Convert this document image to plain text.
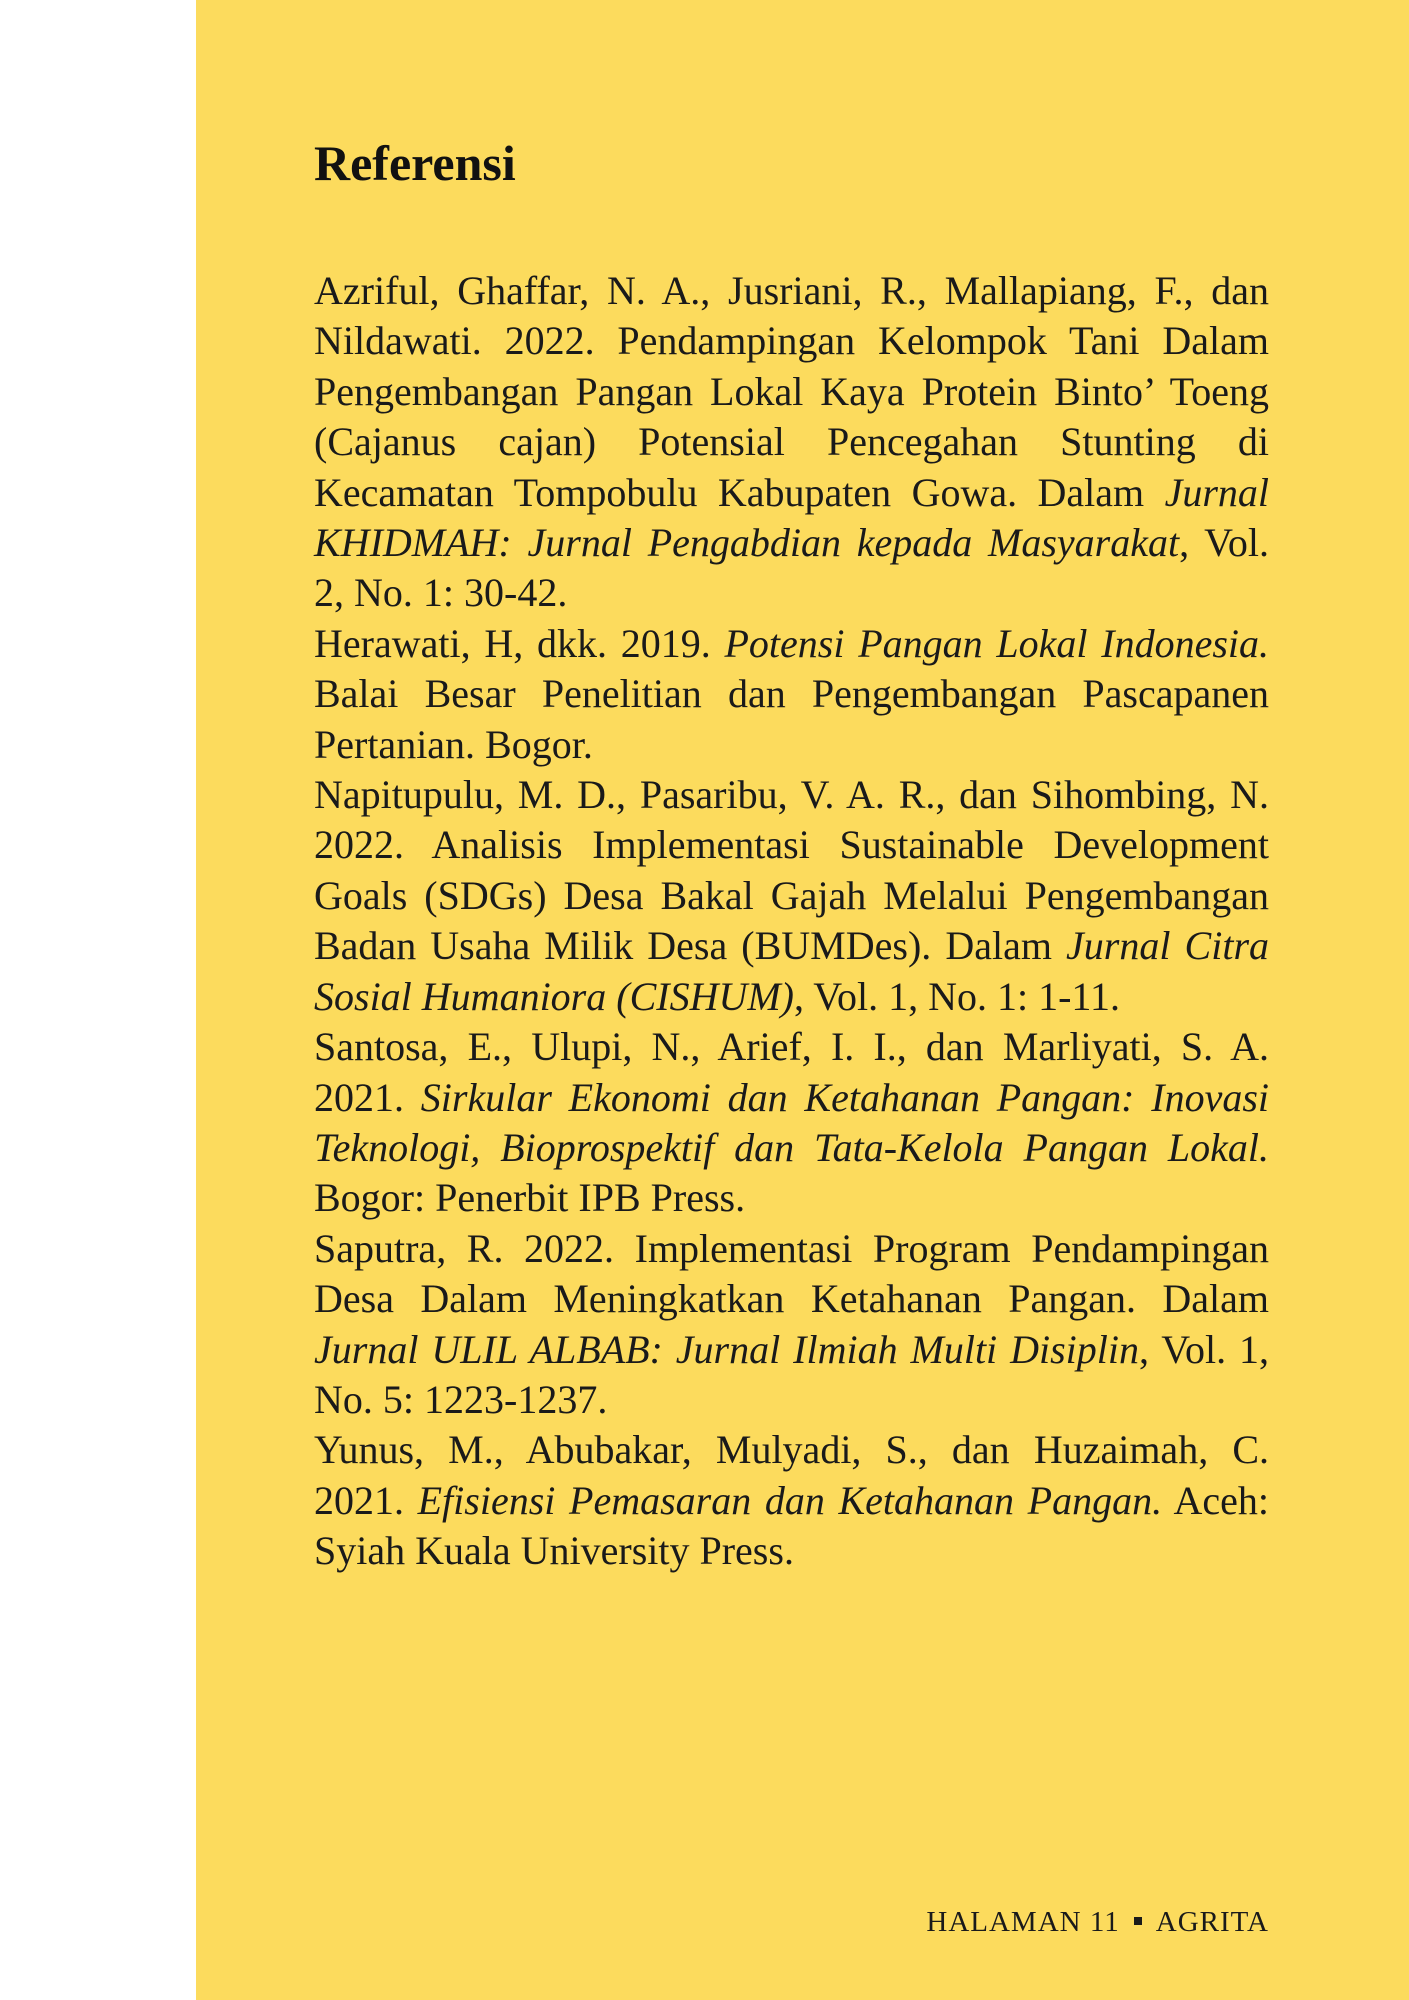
Referensi

Azriful, Ghaffar, N. A., Jusriani, R., Mallapiang, F., dan Nildawati. 2022. Pendampingan Kelompok Tani Dalam Pengembangan Pangan Lokal Kaya Protein Binto’ Toeng (Cajanus cajan) Potensial Pencegahan Stunting di Kecamatan Tompobulu Kabupaten Gowa. Dalam Jurnal KHIDMAH: Jurnal Pengabdian kepada Masyarakat, Vol. 2, No. 1: 30-42.

Herawati, H, dkk. 2019. Potensi Pangan Lokal Indonesia. Balai Besar Penelitian dan Pengembangan Pascapanen Pertanian. Bogor.

Napitupulu, M. D., Pasaribu, V. A. R., dan Sihombing, N. 2022. Analisis Implementasi Sustainable Development Goals (SDGs) Desa Bakal Gajah Melalui Pengembangan Badan Usaha Milik Desa (BUMDes). Dalam Jurnal Citra Sosial Humaniora (CISHUM), Vol. 1, No. 1: 1-11.

Santosa, E., Ulupi, N., Arief, I. I., dan Marliyati, S. A. 2021. Sirkular Ekonomi dan Ketahanan Pangan: Inovasi Teknologi, Bioprospektif dan Tata-Kelola Pangan Lokal. Bogor: Penerbit IPB Press.

Saputra, R. 2022. Implementasi Program Pendampingan Desa Dalam Meningkatkan Ketahanan Pangan. Dalam Jurnal ULIL ALBAB: Jurnal Ilmiah Multi Disiplin, Vol. 1, No. 5: 1223-1237.

Yunus, M., Abubakar, Mulyadi, S., dan Huzaimah, C. 2021. Efisiensi Pemasaran dan Ketahanan Pangan. Aceh: Syiah Kuala University Press.

HALAMAN 11 AGRITA
